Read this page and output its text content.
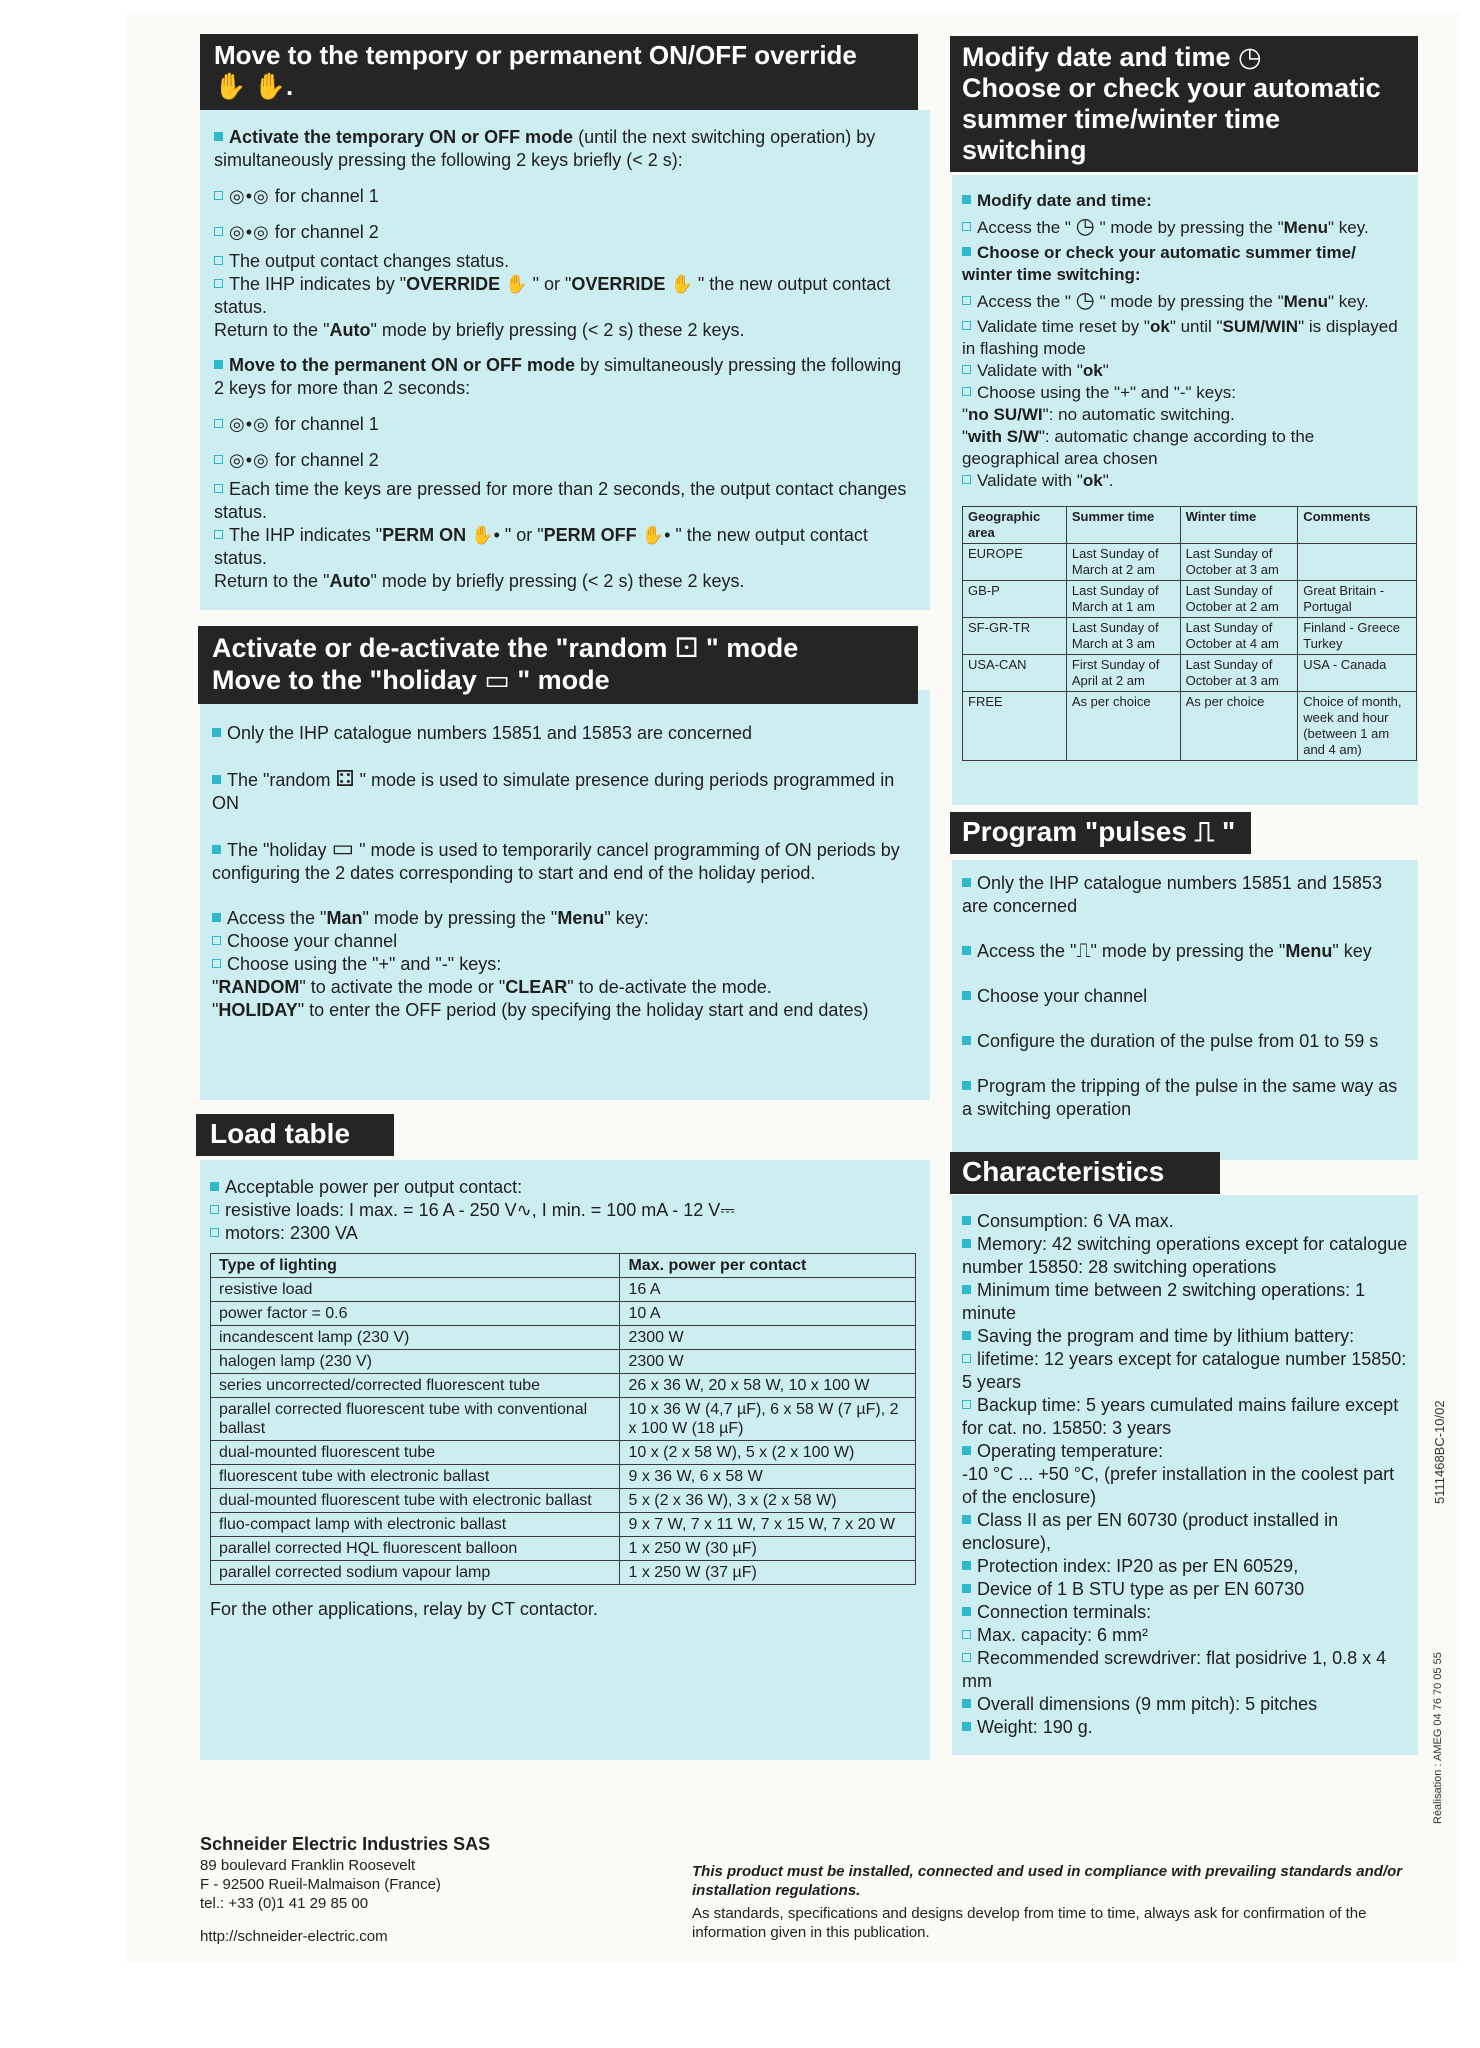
Move to the tempory or permanent ON/OFF override
✋ ✋.

Activate the temporary ON or OFF mode (until the next switching operation) by simultaneously pressing the following 2 keys briefly (< 2 s):

◎•◎ for channel 1

◎•◎ for channel 2

The output contact changes status.

The IHP indicates by "OVERRIDE ✋ " or "OVERRIDE ✋ " the new output contact status.

Return to the "Auto" mode by briefly pressing (< 2 s) these 2 keys.

Move to the permanent ON or OFF mode by simultaneously pressing the following 2 keys for more than 2 seconds:

◎•◎ for channel 1

◎•◎ for channel 2

Each time the keys are pressed for more than 2 seconds, the output contact changes status.

The IHP indicates "PERM ON ✋• " or "PERM OFF ✋• " the new output contact status.

Return to the "Auto" mode by briefly pressing (< 2 s) these 2 keys.

Activate or de-activate the "random ⚀ " mode
Move to the "holiday ▭ " mode

Only the IHP catalogue numbers 15851 and 15853 are concerned

The "random ⚃ " mode is used to simulate presence during periods programmed in ON

The "holiday ▭ " mode is used to temporarily cancel programming of ON periods by configuring the 2 dates corresponding to start and end of the holiday period.

Access the "Man" mode by pressing the "Menu" key:

Choose your channel

Choose using the "+" and "-" keys:

"RANDOM" to activate the mode or "CLEAR" to de-activate the mode.

"HOLIDAY" to enter the OFF period (by specifying the holiday start and end dates)

Load table

Acceptable power per output contact:

resistive loads: I max. = 16 A - 250 V∿, I min. = 100 mA - 12 V⎓

motors: 2300 VA

Type of lighting	Max. power per contact
resistive load	16 A
power factor = 0.6	10 A
incandescent lamp (230 V)	2300 W
halogen lamp (230 V)	2300 W
series uncorrected/corrected fluorescent tube	26 x 36 W, 20 x 58 W, 10 x 100 W
parallel corrected fluorescent tube with conventional ballast	10 x 36 W (4,7 µF), 6 x 58 W (7 µF), 2 x 100 W (18 µF)
dual-mounted fluorescent tube	10 x (2 x 58 W), 5 x (2 x 100 W)
fluorescent tube with electronic ballast	9 x 36 W, 6 x 58 W
dual-mounted fluorescent tube with electronic ballast	5 x (2 x 36 W), 3 x (2 x 58 W)
fluo-compact lamp with electronic ballast	9 x 7 W, 7 x 11 W, 7 x 15 W, 7 x 20 W
parallel corrected HQL fluorescent balloon	1 x 250 W (30 µF)
parallel corrected sodium vapour lamp	1 x 250 W (37 µF)

For the other applications, relay by CT contactor.

Modify date and time ◷
Choose or check your automatic
summer time/winter time
switching

Modify date and time:

Access the " ◷ " mode by pressing the "Menu" key.

Choose or check your automatic summer time/ winter time switching:

Access the " ◷ " mode by pressing the "Menu" key.

Validate time reset by "ok" until "SUM/WIN" is displayed in flashing mode

Validate with "ok"

Choose using the "+" and "-" keys:

"no SU/WI": no automatic switching.

"with S/W": automatic change according to the geographical area chosen

Validate with "ok".

Geographic area	Summer time	Winter time	Comments
EUROPE	Last Sunday of March at 2 am	Last Sunday of October at 3 am	
GB-P	Last Sunday of March at 1 am	Last Sunday of October at 2 am	Great Britain - Portugal
SF-GR-TR	Last Sunday of March at 3 am	Last Sunday of October at 4 am	Finland - Greece Turkey
USA-CAN	First Sunday of April at 2 am	Last Sunday of October at 3 am	USA - Canada
FREE	As per choice	As per choice	Choice of month, week and hour (between 1 am and 4 am)
Program "pulses ⎍ "

Only the IHP catalogue numbers 15851 and 15853 are concerned

Access the "⎍" mode by pressing the "Menu" key

Choose your channel

Configure the duration of the pulse from 01 to 59 s

Program the tripping of the pulse in the same way as a switching operation

Characteristics

Consumption: 6 VA max.

Memory: 42 switching operations except for catalogue number 15850: 28 switching operations

Minimum time between 2 switching operations: 1 minute

Saving the program and time by lithium battery:

lifetime: 12 years except for catalogue number 15850: 5 years

Backup time: 5 years cumulated mains failure except for cat. no. 15850: 3 years

Operating temperature:

-10 °C ... +50 °C, (prefer installation in the coolest part of the enclosure)

Class II as per EN 60730 (product installed in enclosure),

Protection index: IP20 as per EN 60529,

Device of 1 B STU type as per EN 60730

Connection terminals:

Max. capacity: 6 mm²

Recommended screwdriver: flat posidrive 1, 0.8 x 4 mm

Overall dimensions (9 mm pitch): 5 pitches

Weight: 190 g.

5111468BC-10/02
Réalisation : AMEG 04 76 70 05 55
Schneider Electric Industries SAS
89 boulevard Franklin Roosevelt
F - 92500 Rueil-Malmaison (France)
tel.: +33 (0)1 41 29 85 00
http://schneider-electric.com
This product must be installed, connected and used in compliance with prevailing standards and/or installation regulations.
As standards, specifications and designs develop from time to time, always ask for confirmation of the information given in this publication.
